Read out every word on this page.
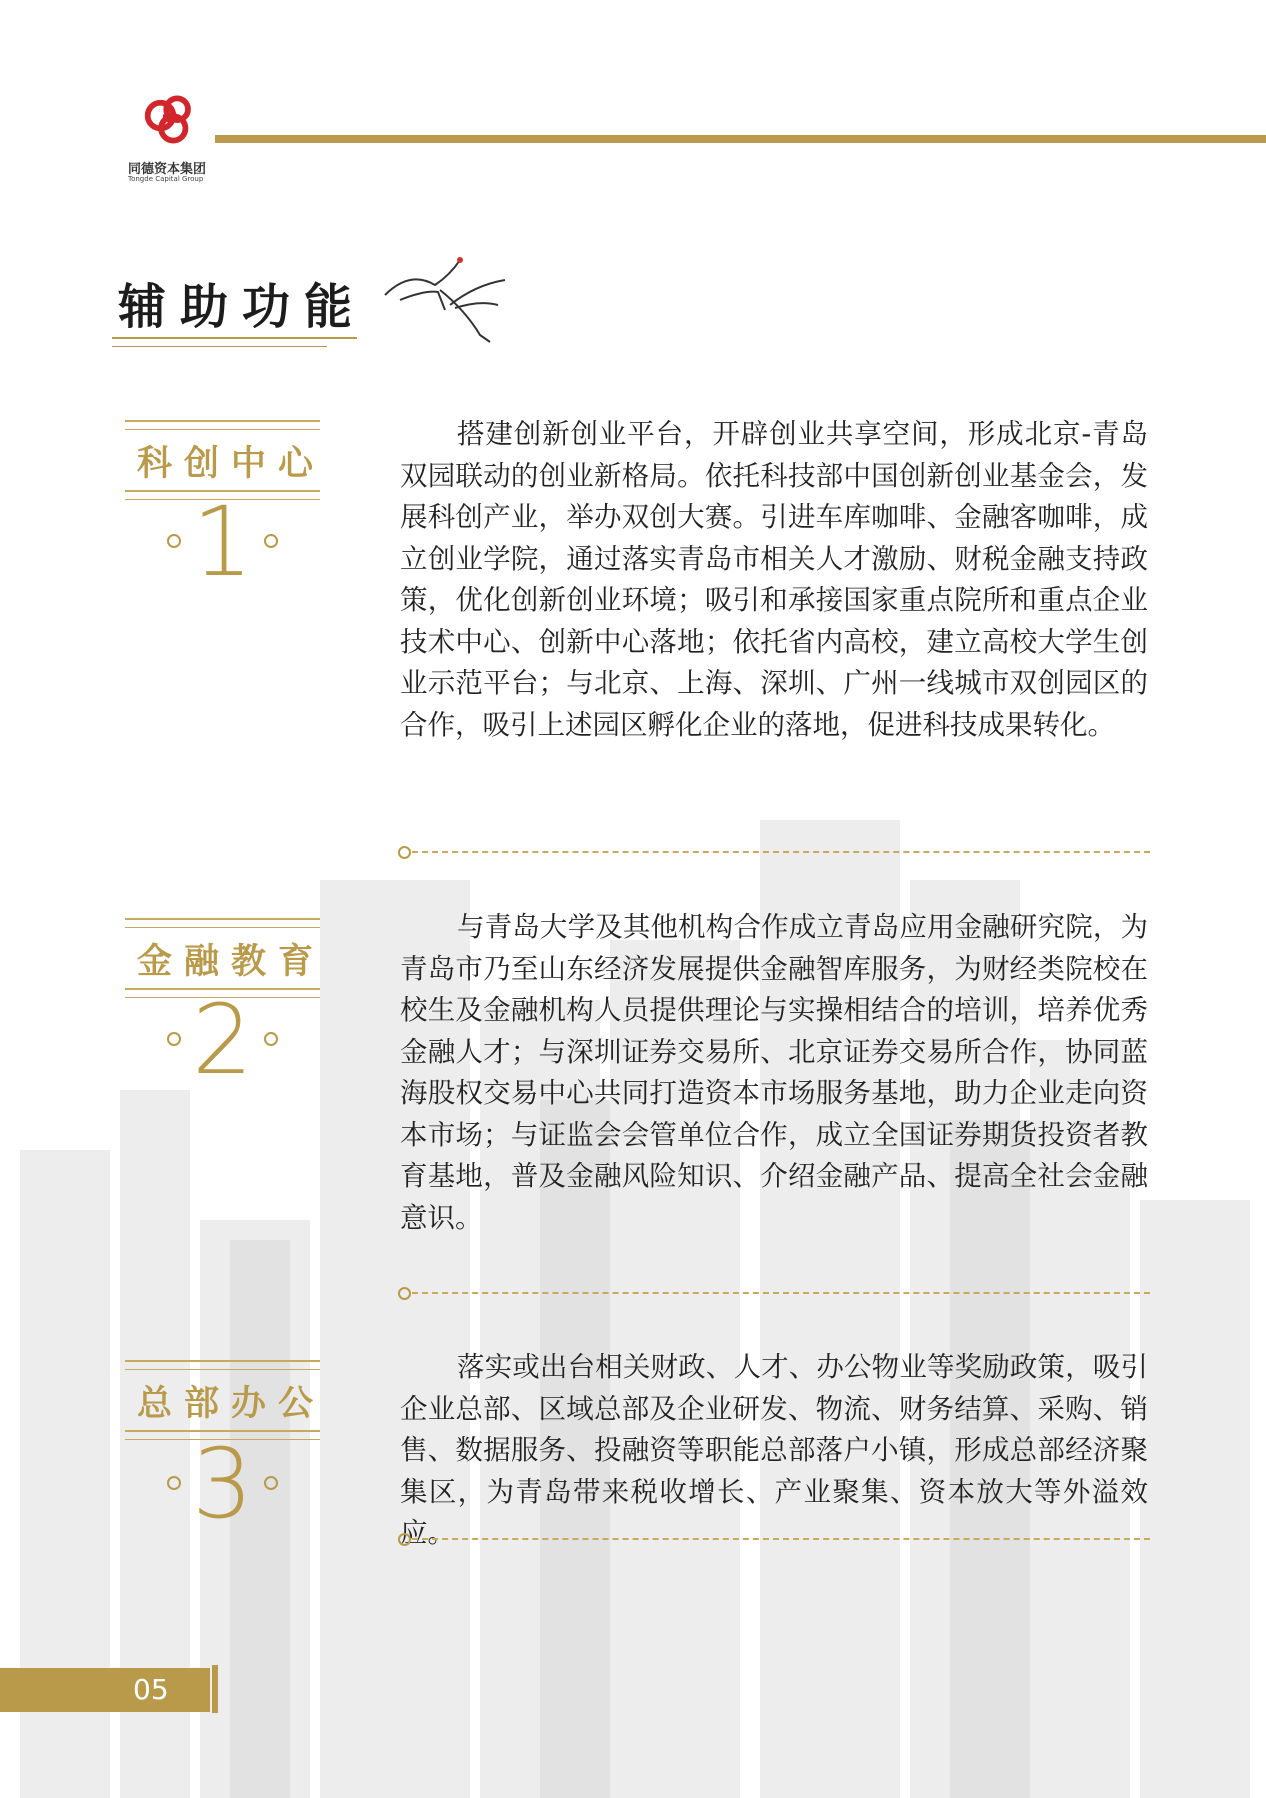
同德资本集团
Tongde Capital Group
辅助功能
科创中心
1
搭建创新创业平台，开辟创业共享空间，形成北京-青岛双园联动的创业新格局。依托科技部中国创新创业基金会，发展科创产业，举办双创大赛。引进车库咖啡、金融客咖啡，成立创业学院，通过落实青岛市相关人才激励、财税金融支持政策，优化创新创业环境；吸引和承接国家重点院所和重点企业技术中心、创新中心落地；依托省内高校，建立高校大学生创业示范平台；与北京、上海、深圳、广州一线城市双创园区的合作，吸引上述园区孵化企业的落地，促进科技成果转化。
金融教育
2
与青岛大学及其他机构合作成立青岛应用金融研究院，为青岛市乃至山东经济发展提供金融智库服务，为财经类院校在校生及金融机构人员提供理论与实操相结合的培训，培养优秀金融人才；与深圳证券交易所、北京证券交易所合作，协同蓝海股权交易中心共同打造资本市场服务基地，助力企业走向资本市场；与证监会会管单位合作，成立全国证券期货投资者教育基地，普及金融风险知识、介绍金融产品、提高全社会金融意识。
总部办公
3
落实或出台相关财政、人才、办公物业等奖励政策，吸引企业总部、区域总部及企业研发、物流、财务结算、采购、销售、数据服务、投融资等职能总部落户小镇，形成总部经济聚集区，为青岛带来税收增长、产业聚集、资本放大等外溢效应。
05
